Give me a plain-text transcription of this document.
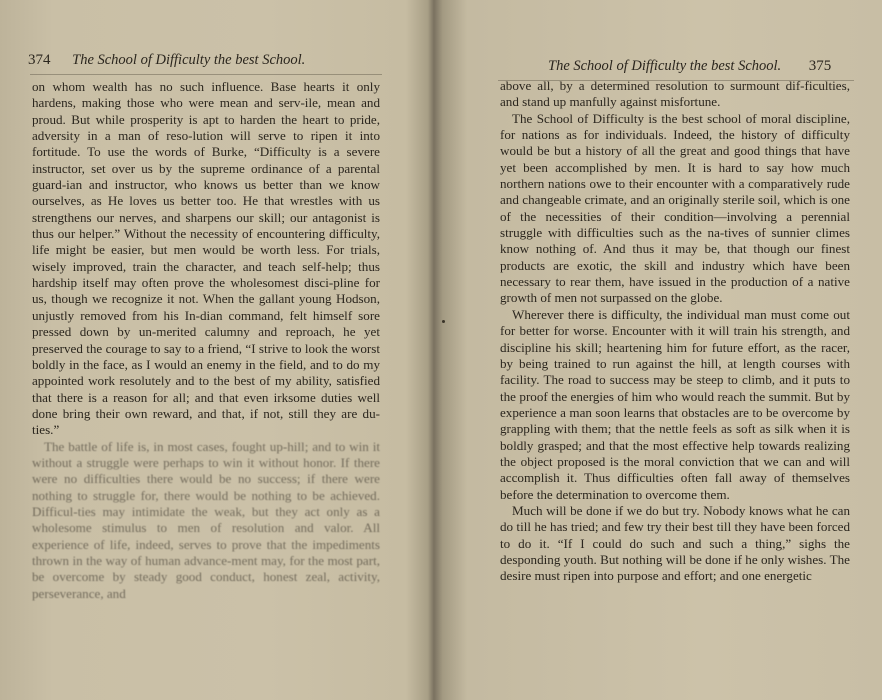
374 The School of Difficulty the best School.

on whom wealth has no such influence. Base hearts it only hardens, making those who were mean and serv-ile, mean and proud. But while prosperity is apt to harden the heart to pride, adversity in a man of reso-lution will serve to ripen it into fortitude. To use the words of Burke, “Difficulty is a severe instructor, set over us by the supreme ordinance of a parental guard-ian and instructor, who knows us better than we know ourselves, as He loves us better too. He that wrestles with us strengthens our nerves, and sharpens our skill; our antagonist is thus our helper.” Without the necessity of encountering difficulty, life might be easier, but men would be worth less. For trials, wisely improved, train the character, and teach self-help; thus hardship itself may often prove the wholesomest disci-pline for us, though we recognize it not. When the gallant young Hodson, unjustly removed from his In-dian command, felt himself sore pressed down by un-merited calumny and reproach, he yet preserved the courage to say to a friend, “I strive to look the worst boldly in the face, as I would an enemy in the field, and to do my appointed work resolutely and to the best of my ability, satisfied that there is a reason for all; and that even irksome duties well done bring their own reward, and that, if not, still they are du-ties.”

The battle of life is, in most cases, fought up-hill; and to win it without a struggle were perhaps to win it without honor. If there were no difficulties there would be no success; if there were nothing to struggle for, there would be nothing to be achieved. Difficul-ties may intimidate the weak, but they act only as a wholesome stimulus to men of resolution and valor. All experience of life, indeed, serves to prove that the impediments thrown in the way of human advance-ment may, for the most part, be overcome by steady good conduct, honest zeal, activity, perseverance, and

The School of Difficulty the best School. 375

above all, by a determined resolution to surmount dif-ficulties, and stand up manfully against misfortune.

The School of Difficulty is the best school of moral discipline, for nations as for individuals. Indeed, the history of difficulty would be but a history of all the great and good things that have yet been accomplished by men. It is hard to say how much northern nations owe to their encounter with a comparatively rude and changeable crimate, and an originally sterile soil, which is one of the necessities of their condition—involving a perennial struggle with difficulties such as the na-tives of sunnier climes know nothing of. And thus it may be, that though our finest products are exotic, the skill and industry which have been necessary to rear them, have issued in the production of a native growth of men not surpassed on the globe.

Wherever there is difficulty, the individual man must come out for better for worse. Encounter with it will train his strength, and discipline his skill; heartening him for future effort, as the racer, by being trained to run against the hill, at length courses with facility. The road to success may be steep to climb, and it puts to the proof the energies of him who would reach the summit. But by experience a man soon learns that obstacles are to be overcome by grappling with them; that the nettle feels as soft as silk when it is boldly grasped; and that the most effective help towards realizing the object proposed is the moral conviction that we can and will accomplish it. Thus difficulties often fall away of themselves before the determination to overcome them.

Much will be done if we do but try. Nobody knows what he can do till he has tried; and few try their best till they have been forced to do it. “If I could do such and such a thing,” sighs the desponding youth. But nothing will be done if he only wishes. The desire must ripen into purpose and effort; and one energetic
